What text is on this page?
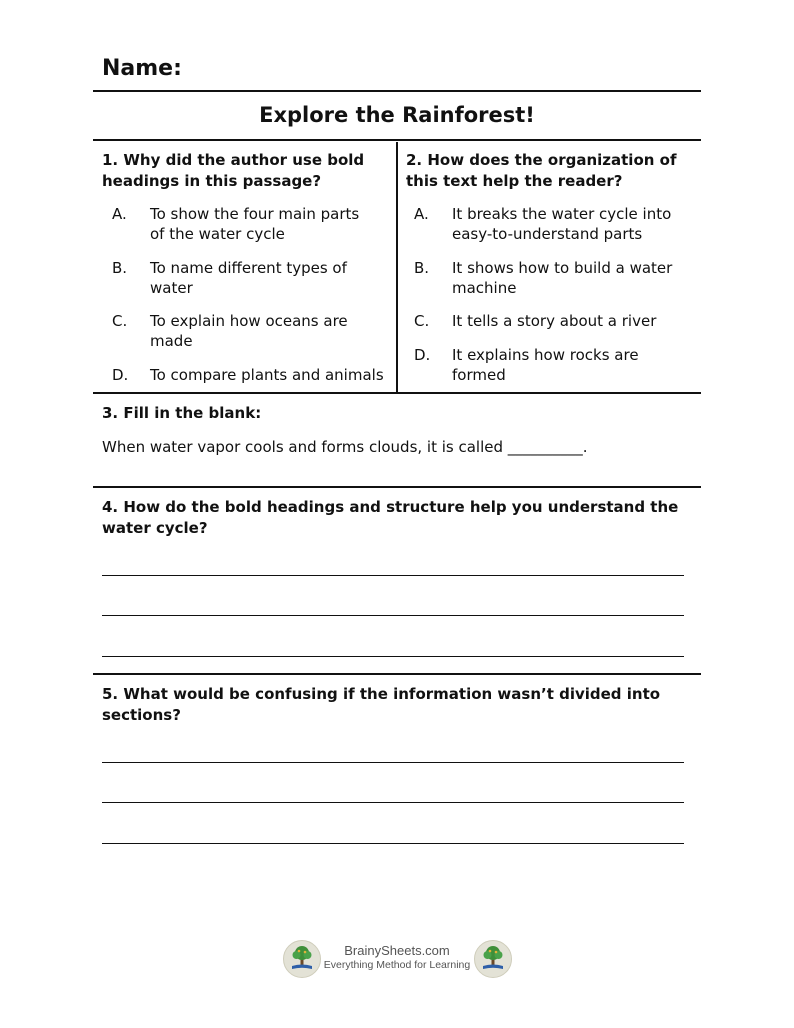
Name:
Explore the Rainforest!
1. Why did the author use bold
headings in this passage?
A.	To show the four main parts
of the water cycle
B.	To name different types of
water
C.	To explain how oceans are
made
D.	To compare plants and animals
2. How does the organization of
this text help the reader?
A.	It breaks the water cycle into
easy-to-understand parts
B.	It shows how to build a water
machine
C.	It tells a story about a river
D.	It explains how rocks are
formed
3. Fill in the blank:
When water vapor cools and forms clouds, it is called __________.
4. How do the bold headings and structure help you understand the
water cycle?
5. What would be confusing if the information wasn’t divided into
sections?
BrainySheets.com
Everything Method for Learning
